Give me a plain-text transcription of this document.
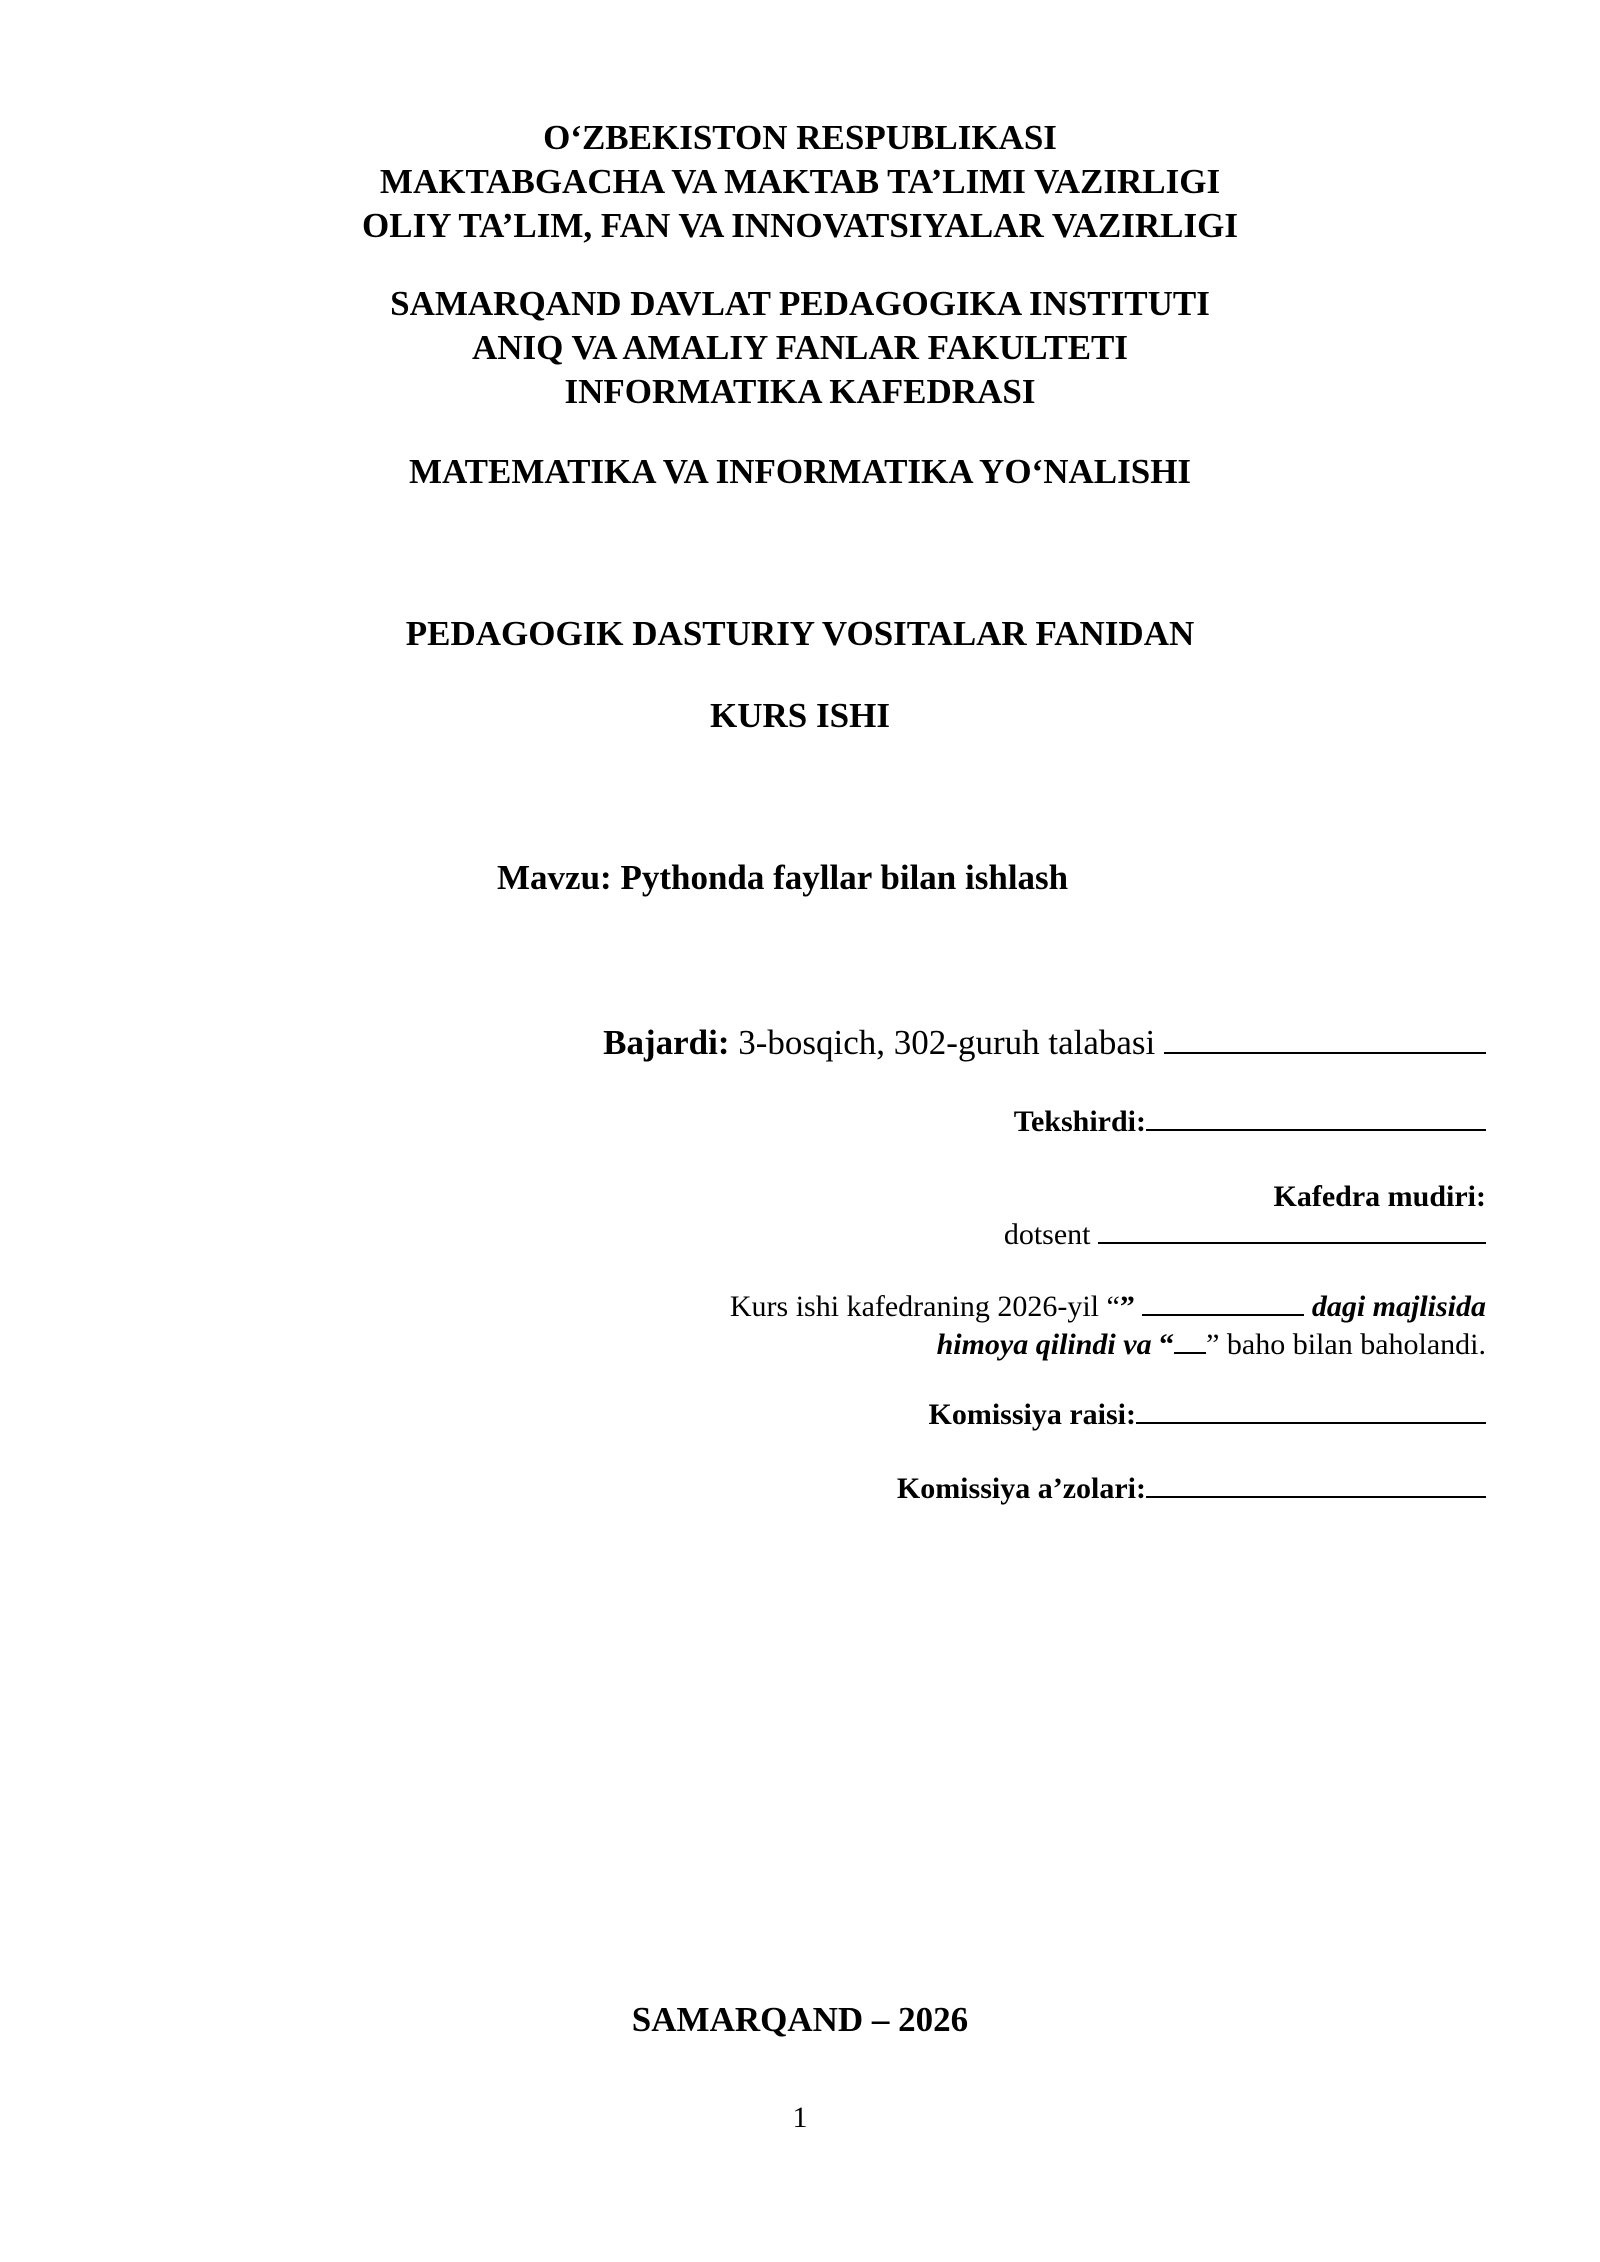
O‘ZBEKISTON RESPUBLIKASI
MAKTABGACHA VA MAKTAB TA’LIMI VAZIRLIGI
OLIY TA’LIM, FAN VA INNOVATSIYALAR VAZIRLIGI
SAMARQAND DAVLAT PEDAGOGIKA INSTITUTI
ANIQ VA AMALIY FANLAR FAKULTETI
INFORMATIKA KAFEDRASI
MATEMATIKA VA INFORMATIKA YO‘NALISHI
PEDAGOGIK DASTURIY VOSITALAR FANIDAN
KURS ISHI
Mavzu: Pythonda fayllar bilan ishlash
Bajardi: 3-bosqich, 302-guruh talabasi
Tekshirdi:
Kafedra mudiri:
dotsent
Kurs ishi kafedraning 2026-yil “”	dagi majlisida
himoya qilindi va “ ” baho bilan baholandi.
Komissiya raisi:
Komissiya a’zolari:
SAMARQAND – 2026
1
